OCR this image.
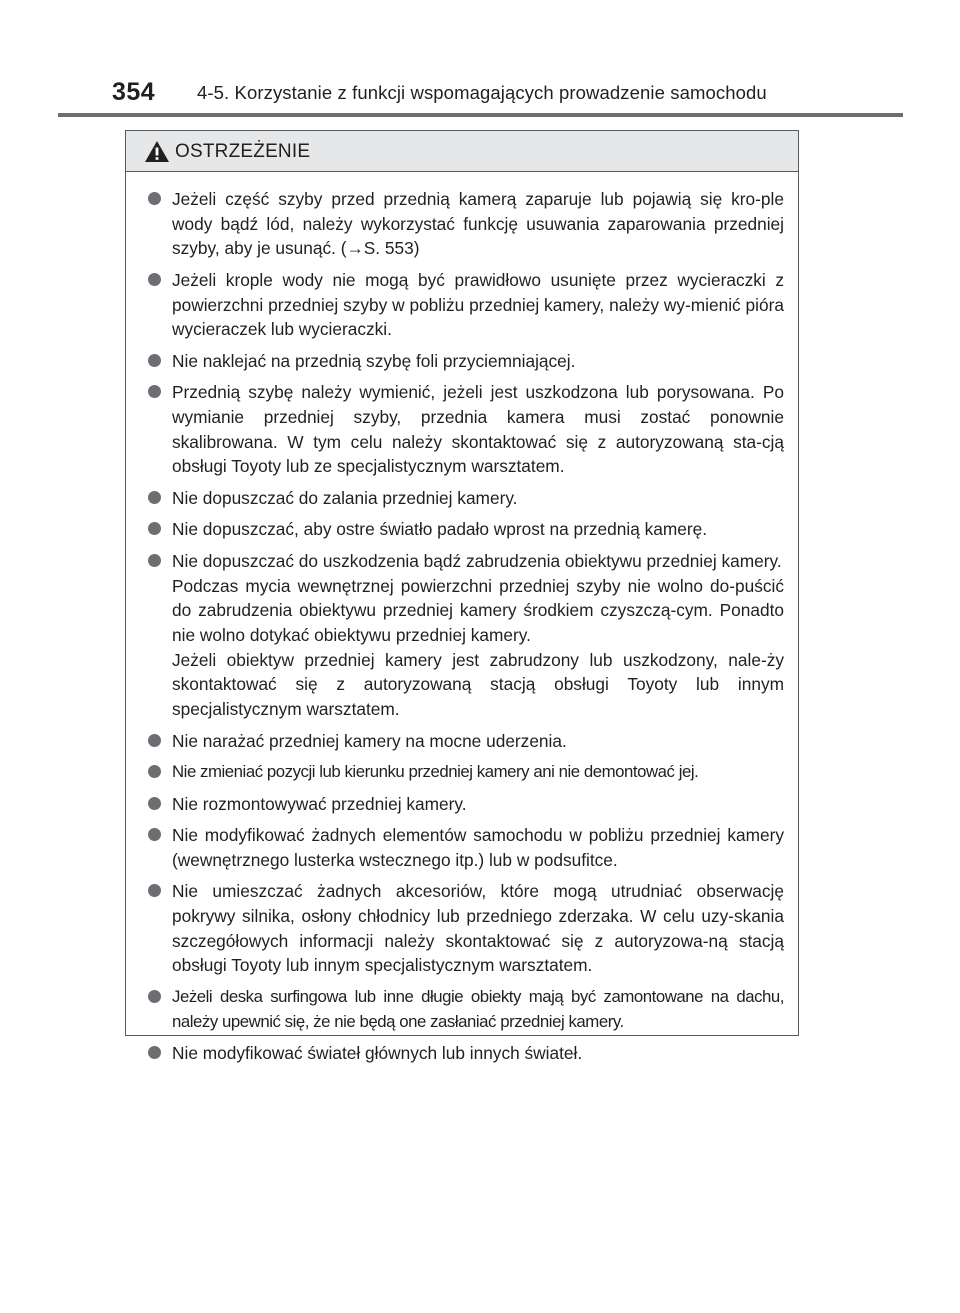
354 4-5. Korzystanie z funkcji wspomagających prowadzenie samochodu
OSTRZEŻENIE
Jeżeli część szyby przed przednią kamerą zaparuje lub pojawią się kro-ple wody bądź lód, należy wykorzystać funkcję usuwania zaparowania przedniej szyby, aby je usunąć. (→S. 553)
Jeżeli krople wody nie mogą być prawidłowo usunięte przez wycieraczki z powierzchni przedniej szyby w pobliżu przedniej kamery, należy wy-mienić pióra wycieraczek lub wycieraczki.
Nie naklejać na przednią szybę foli przyciemniającej.
Przednią szybę należy wymienić, jeżeli jest uszkodzona lub porysowana. Po wymianie przedniej szyby, przednia kamera musi zostać ponownie skalibrowana. W tym celu należy skontaktować się z autoryzowaną sta-cją obsługi Toyoty lub ze specjalistycznym warsztatem.
Nie dopuszczać do zalania przedniej kamery.
Nie dopuszczać, aby ostre światło padało wprost na przednią kamerę.
Nie dopuszczać do uszkodzenia bądź zabrudzenia obiektywu przedniej kamery.
Podczas mycia wewnętrznej powierzchni przedniej szyby nie wolno do-puścić do zabrudzenia obiektywu przedniej kamery środkiem czyszczą-cym. Ponadto nie wolno dotykać obiektywu przedniej kamery.
Jeżeli obiektyw przedniej kamery jest zabrudzony lub uszkodzony, nale-ży skontaktować się z autoryzowaną stacją obsługi Toyoty lub innym specjalistycznym warsztatem.
Nie narażać przedniej kamery na mocne uderzenia.
Nie zmieniać pozycji lub kierunku przedniej kamery ani nie demontować jej.
Nie rozmontowywać przedniej kamery.
Nie modyfikować żadnych elementów samochodu w pobliżu przedniej kamery (wewnętrznego lusterka wstecznego itp.) lub w podsufitce.
Nie umieszczać żadnych akcesoriów, które mogą utrudniać obserwację pokrywy silnika, osłony chłodnicy lub przedniego zderzaka. W celu uzy-skania szczegółowych informacji należy skontaktować się z autoryzowa-ną stacją obsługi Toyoty lub innym specjalistycznym warsztatem.
Jeżeli deska surfingowa lub inne długie obiekty mają być zamontowane na dachu, należy upewnić się, że nie będą one zasłaniać przedniej kamery.
Nie modyfikować świateł głównych lub innych świateł.
